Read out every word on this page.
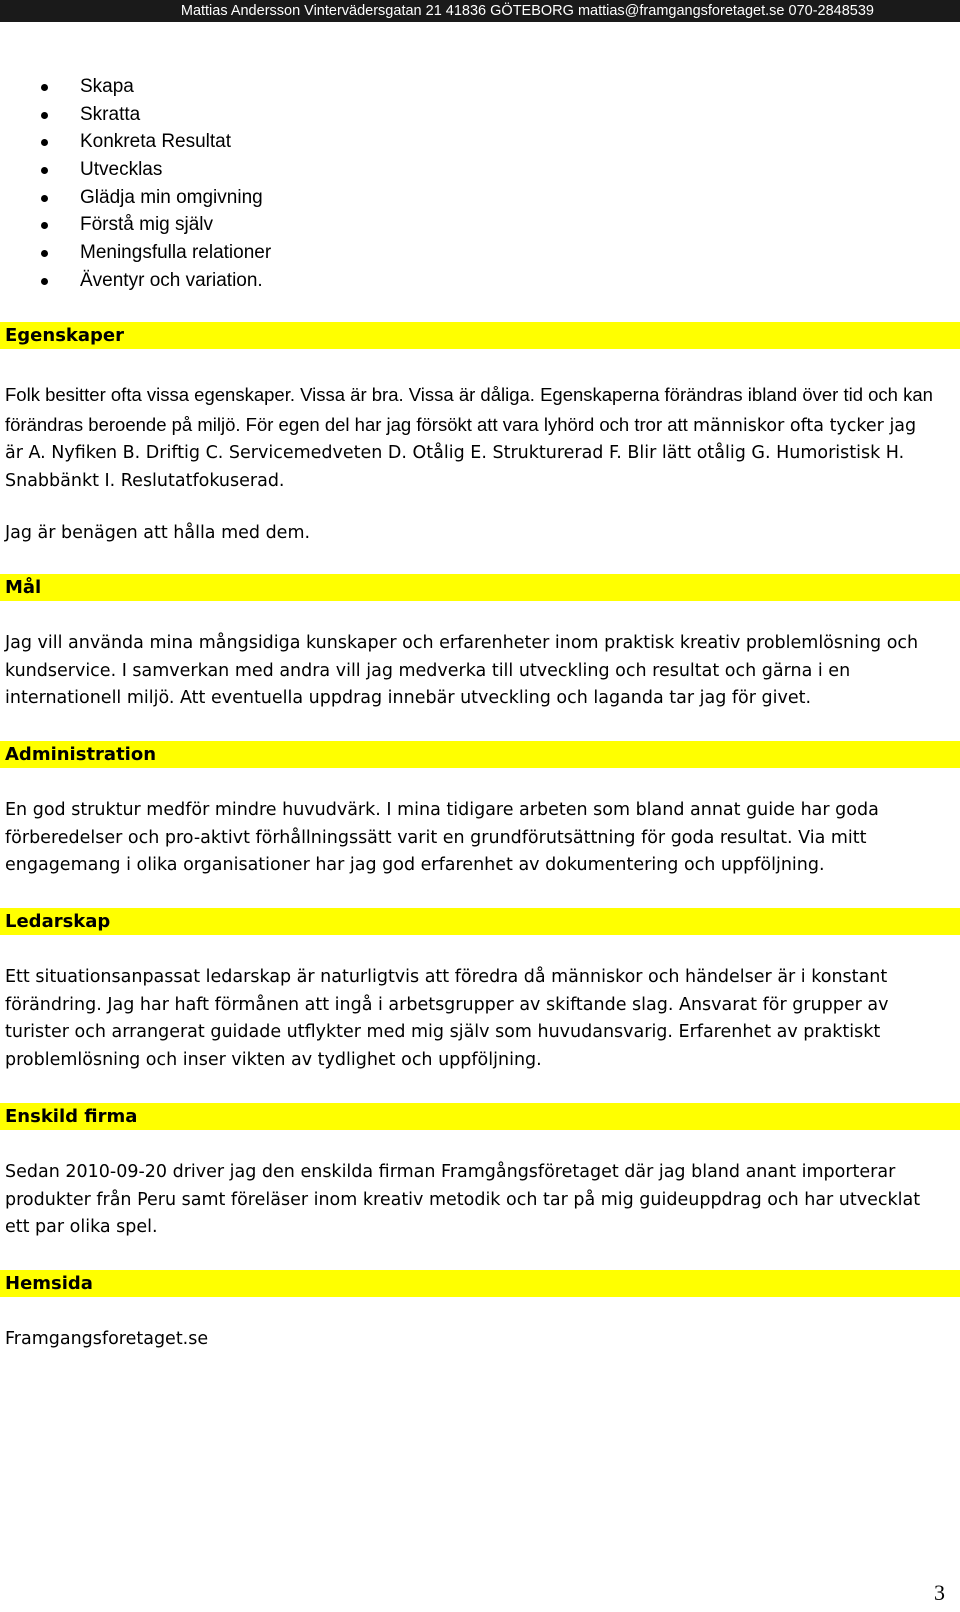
Mattias Andersson Vintervädersgatan 21 41836 GÖTEBORG mattias@framgangsforetaget.se 070-2848539
Skapa
Skratta
Konkreta Resultat
Utvecklas
Glädja min omgivning
Förstå mig själv
Meningsfulla relationer
Äventyr och variation.
Egenskaper

Folk besitter ofta vissa egenskaper. Vissa är bra. Vissa är dåliga. Egenskaperna förändras ibland över tid och kan förändras beroende på miljö. För egen del har jag försökt att vara lyhörd och tror att människor ofta tycker jag är A. Nyfiken B. Driftig C. Servicemedveten D. Otålig E. Strukturerad F. Blir lätt otålig G. Humoristisk H. Snabbänkt I. Reslutatfokuserad.

Jag är benägen att hålla med dem.

Mål

Jag vill använda mina mångsidiga kunskaper och erfarenheter inom praktisk kreativ problemlösning och kundservice. I samverkan med andra vill jag medverka till utveckling och resultat och gärna i en internationell miljö. Att eventuella uppdrag innebär utveckling och laganda tar jag för givet.

Administration

En god struktur medför mindre huvudvärk. I mina tidigare arbeten som bland annat guide har goda förberedelser och pro-aktivt förhållningssätt varit en grundförutsättning för goda resultat. Via mitt engagemang i olika organisationer har jag god erfarenhet av dokumentering och uppföljning.

Ledarskap

Ett situationsanpassat ledarskap är naturligtvis att föredra då människor och händelser är i konstant förändring. Jag har haft förmånen att ingå i arbetsgrupper av skiftande slag. Ansvarat för grupper av turister och arrangerat guidade utflykter med mig själv som huvudansvarig. Erfarenhet av praktiskt problemlösning och inser vikten av tydlighet och uppföljning.

Enskild firma

Sedan 2010-09-20 driver jag den enskilda firman Framgångsföretaget där jag bland anant importerar produkter från Peru samt föreläser inom kreativ metodik och tar på mig guideuppdrag och har utvecklat ett par olika spel.

Hemsida

Framgangsforetaget.se

3
